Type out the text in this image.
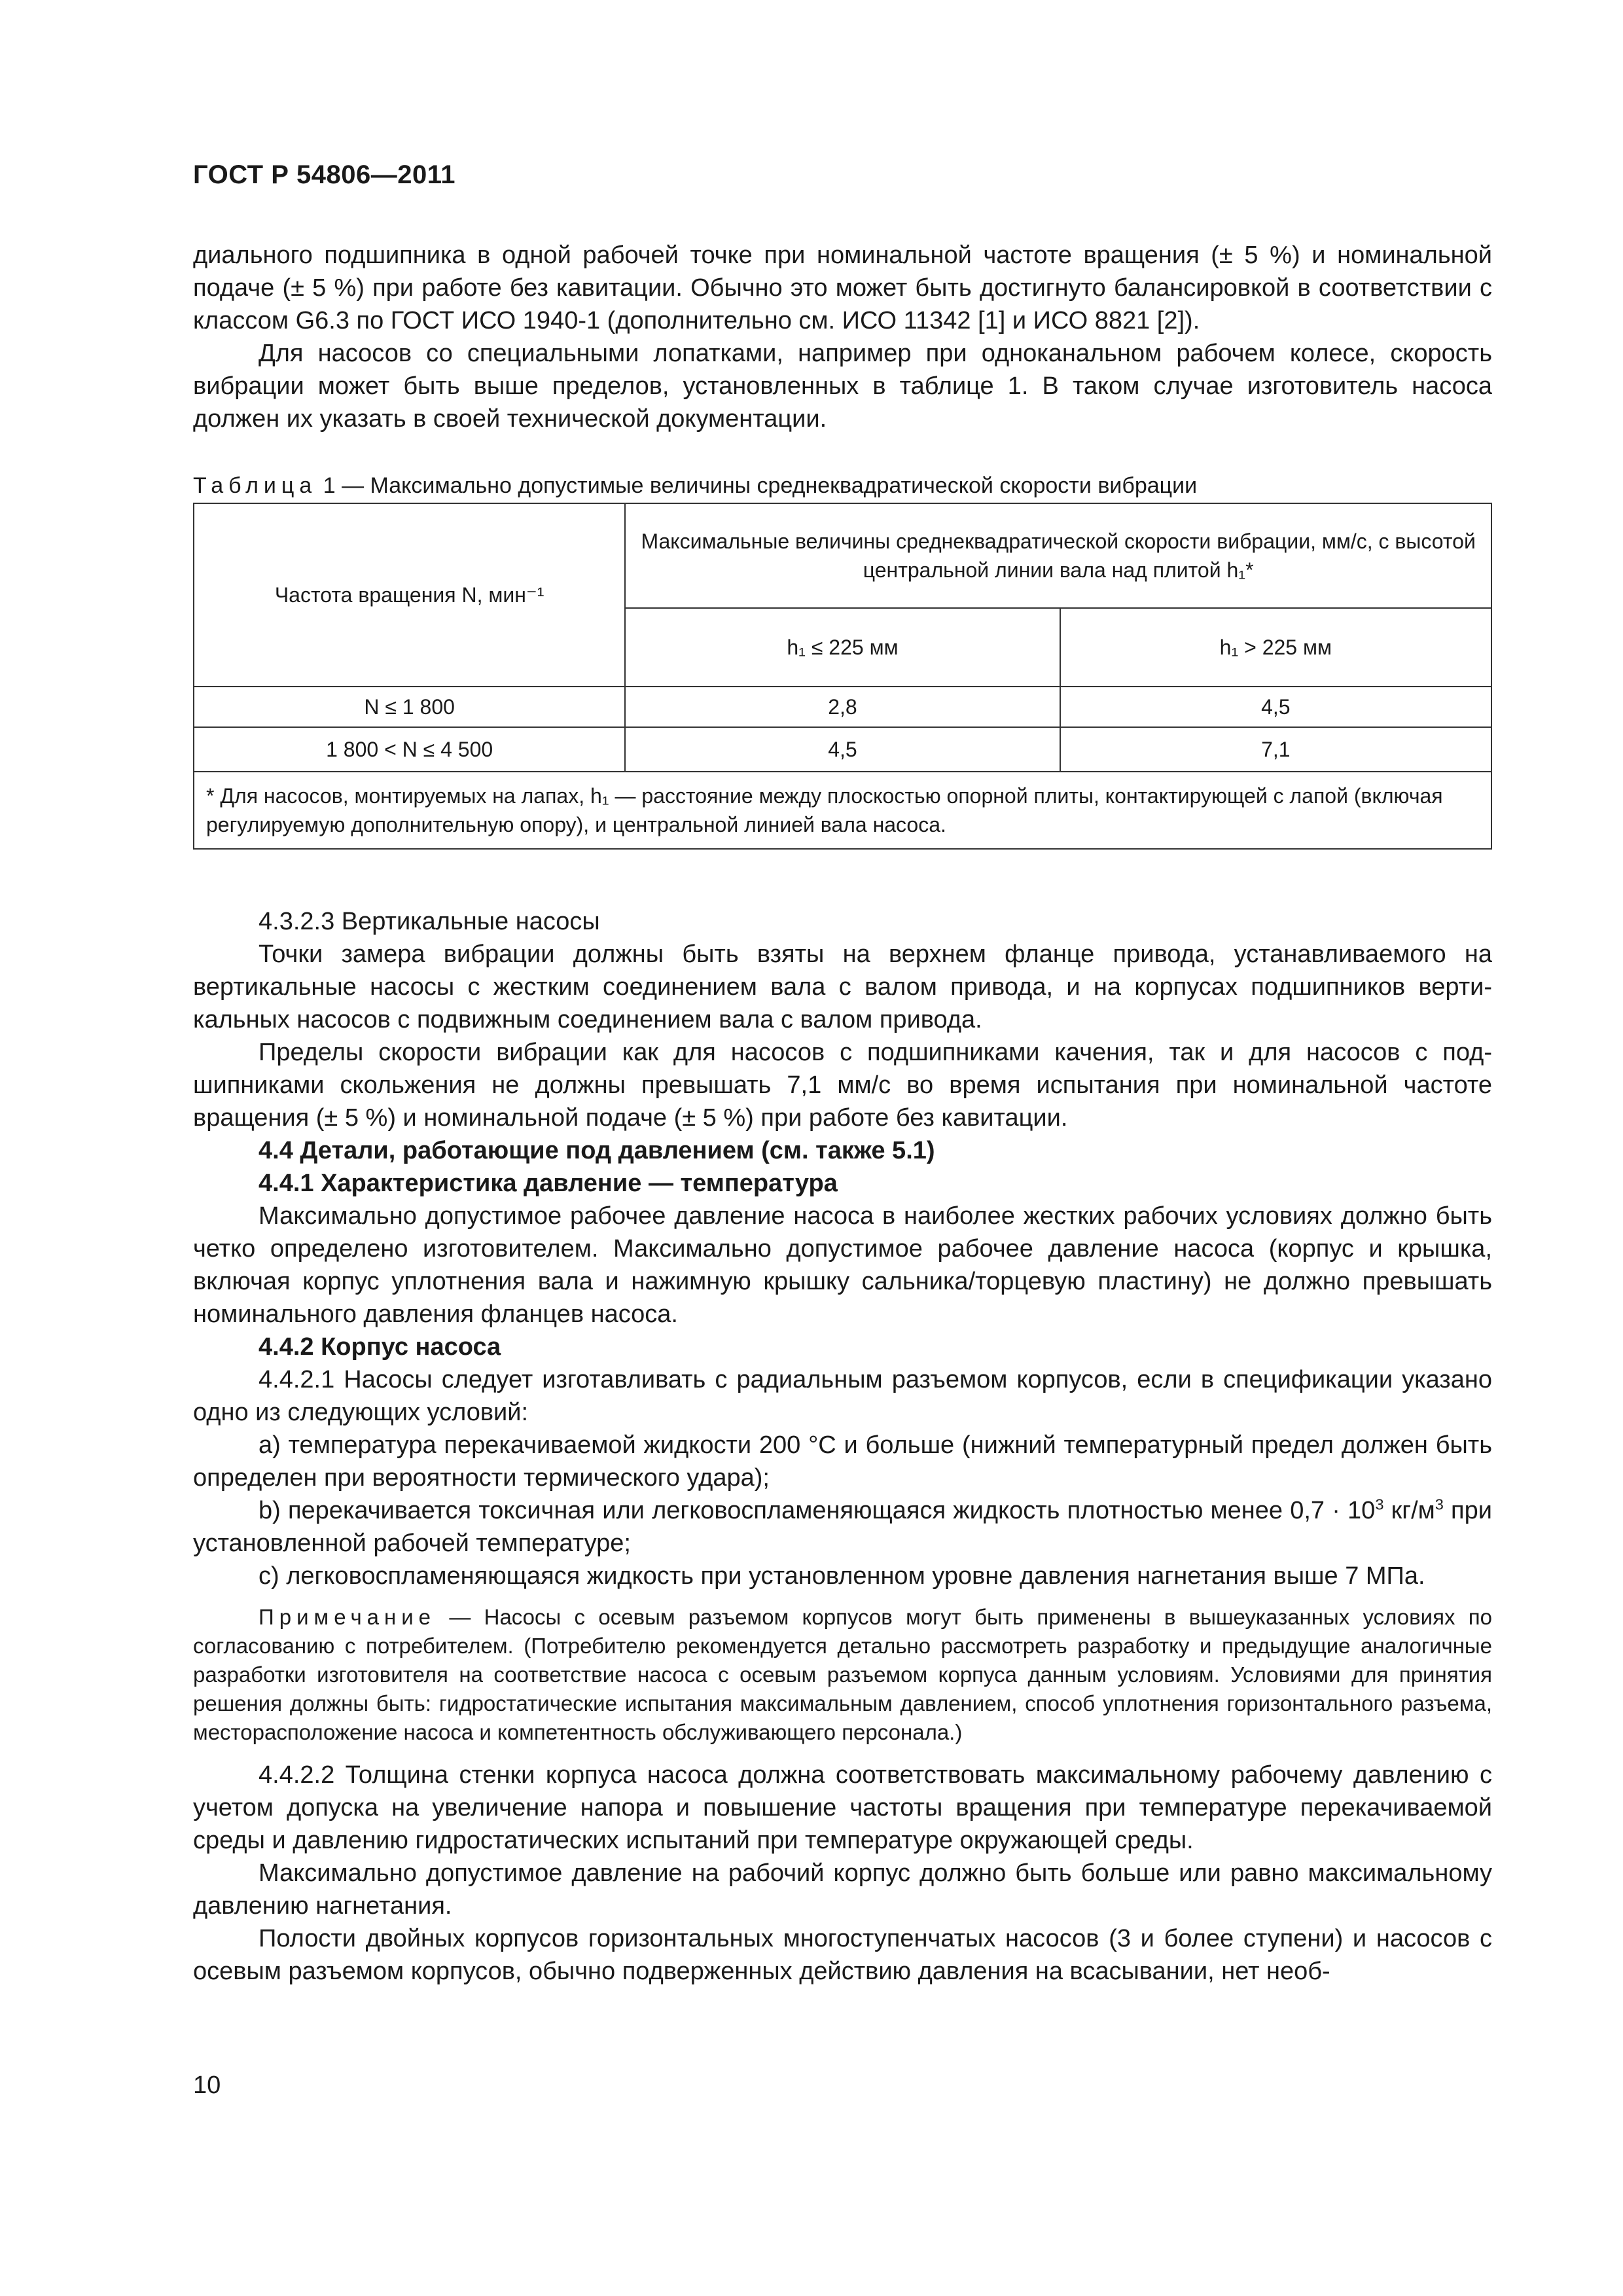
ГОСТ Р 54806—2011

диального подшипника в одной рабочей точке при номинальной частоте вращения (± 5 %) и номинальной подаче (± 5 %) при работе без кавитации. Обычно это может быть достигнуто балансировкой в соответствии с классом G6.3 по ГОСТ ИСО 1940-1 (дополнительно см. ИСО 11342 [1] и ИСО 8821 [2]).

Для насосов со специальными лопатками, например при одноканальном рабочем колесе, скорость вибрации может быть выше пределов, установленных в таблице 1. В таком случае изготовитель насоса должен их указать в своей технической документации.

Таблица 1 — Максимально допустимые величины среднеквадратической скорости вибрации

Частота вращения N, мин⁻¹	Максимальные величины среднеквадратической скорости вибрации, мм/с, с высотой центральной линии вала над плитой h₁*	
	h₁ ≤ 225 мм	h₁ > 225 мм
N ≤ 1 800	2,8	4,5
1 800 < N ≤ 4 500	4,5	7,1
* Для насосов, монтируемых на лапах, h₁ — расстояние между плоскостью опорной плиты, контактирующей с лапой (включая регулируемую дополнительную опору), и центральной линией вала насоса.		

4.3.2.3 Вертикальные насосы

Точки замера вибрации должны быть взяты на верхнем фланце привода, устанавливаемого на вертикальные насосы с жестким соединением вала с валом привода, и на корпусах подшипников вертикальных насосов с подвижным соединением вала с валом привода.

Пределы скорости вибрации как для насосов с подшипниками качения, так и для насосов с подшипниками скольжения не должны превышать 7,1 мм/с во время испытания при номинальной частоте вращения (± 5 %) и номинальной подаче (± 5 %) при работе без кавитации.

4.4 Детали, работающие под давлением (см. также 5.1)

4.4.1 Характеристика давление — температура

Максимально допустимое рабочее давление насоса в наиболее жестких рабочих условиях должно быть четко определено изготовителем. Максимально допустимое рабочее давление насоса (корпус и крышка, включая корпус уплотнения вала и нажимную крышку сальника/торцевую пластину) не должно превышать номинального давления фланцев насоса.

4.4.2 Корпус насоса

4.4.2.1 Насосы следует изготавливать с радиальным разъемом корпусов, если в спецификации указано одно из следующих условий:

a) температура перекачиваемой жидкости 200 °С и больше (нижний температурный предел должен быть определен при вероятности термического удара);

b) перекачивается токсичная или легковоспламеняющаяся жидкость плотностью менее $0,7 \cdot 10^3$ $кг/м^3$ при установленной рабочей температуре;

c) легковоспламеняющаяся жидкость при установленном уровне давления нагнетания выше 7 МПа.

Примечание — Насосы с осевым разъемом корпусов могут быть применены в вышеуказанных условиях по согласованию с потребителем. (Потребителю рекомендуется детально рассмотреть разработку и предыдущие аналогичные разработки изготовителя на соответствие насоса с осевым разъемом корпуса данным условиям. Условиями для принятия решения должны быть: гидростатические испытания максимальным давлением, способ уплотнения горизонтального разъема, месторасположение насоса и компетентность обслуживающего персонала.)

4.4.2.2 Толщина стенки корпуса насоса должна соответствовать максимальному рабочему давлению с учетом допуска на увеличение напора и повышение частоты вращения при температуре перекачиваемой среды и давлению гидростатических испытаний при температуре окружающей среды.

Максимально допустимое давление на рабочий корпус должно быть больше или равно максимальному давлению нагнетания.

Полости двойных корпусов горизонтальных многоступенчатых насосов (3 и более ступени) и насосов с осевым разъемом корпусов, обычно подверженных действию давления на всасывании, нет необ-

10
